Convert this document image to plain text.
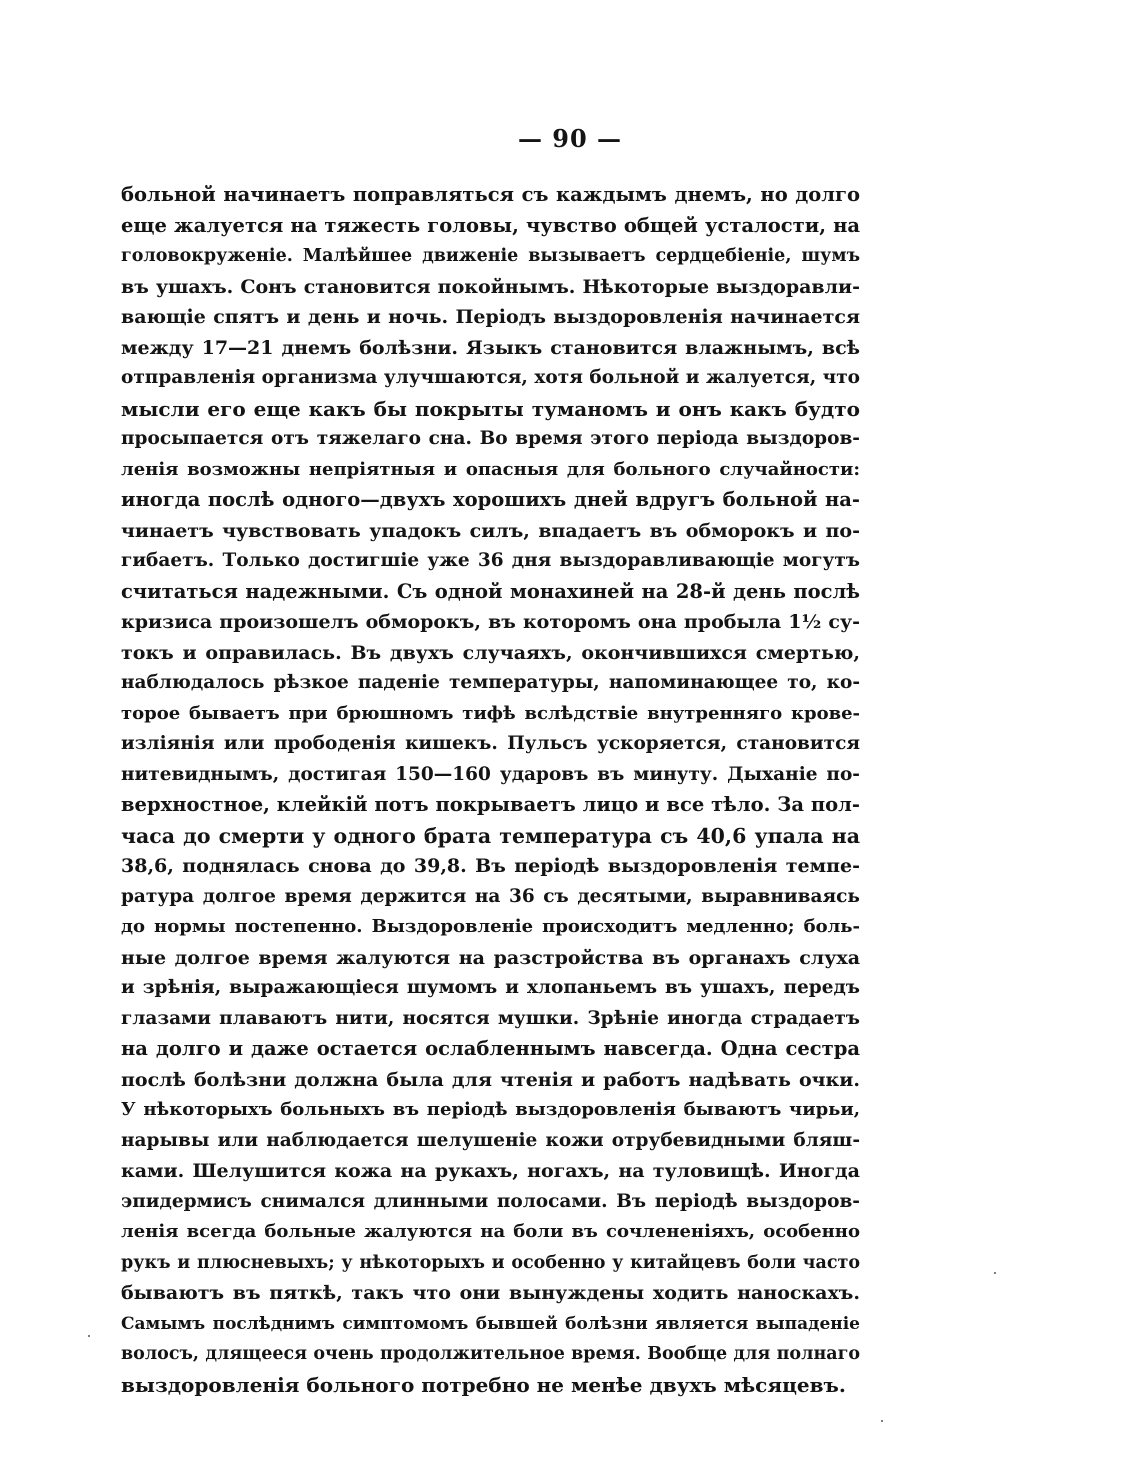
— 90 —
больной начинаетъ поправляться съ каждымъ днемъ, но долго
еще жалуется на тяжесть головы, чувство общей усталости, на
головокруженіе. Малѣйшее движеніе вызываетъ сердцебіеніе, шумъ
въ ушахъ. Сонъ становится покойнымъ. Нѣкоторые выздоравли-
вающіе спятъ и день и ночь. Періодъ выздоровленія начинается
между 17—21 днемъ болѣзни. Языкъ становится влажнымъ, всѣ
отправленія организма улучшаются, хотя больной и жалуется, что
мысли его еще какъ бы покрыты туманомъ и онъ какъ будто
просыпается отъ тяжелаго сна. Во время этого періода выздоров-
ленія возможны непріятныя и опасныя для больного случайности:
иногда послѣ одного—двухъ хорошихъ дней вдругъ больной на-
чинаетъ чувствовать упадокъ силъ, впадаетъ въ обморокъ и по-
гибаетъ. Только достигшіе уже 36 дня выздоравливающіе могутъ
считаться надежными. Съ одной монахиней на 28-й день послѣ
кризиса произошелъ обморокъ, въ которомъ она пробыла 1½ су-
токъ и оправилась. Въ двухъ случаяхъ, окончившихся смертью,
наблюдалось рѣзкое паденіе температуры, напоминающее то, ко-
торое бываетъ при брюшномъ тифѣ вслѣдствіе внутренняго кровe-
изліянія или прободенія кишекъ. Пульсъ ускоряется, становится
нитевиднымъ, достигая 150—160 ударовъ въ минуту. Дыханіе по-
верхностное, клейкій потъ покрываетъ лицо и все тѣло. За пол-
часа до смерти у одного брата температура съ 40,6 упала на
38,6, поднялась снова до 39,8. Въ періодѣ выздоровленія темпе-
ратура долгое время держится на 36 съ десятыми, выравниваясь
до нормы постепенно. Выздоровленіе происходитъ медленно; боль-
ные долгое время жалуются на разстройства въ органахъ слуха
и зрѣнія, выражающіеся шумомъ и хлопаньемъ въ ушахъ, передъ
глазами плаваютъ нити, носятся мушки. Зрѣніе иногда страдаетъ
на долго и даже остается ослабленнымъ навсегда. Одна сестра
послѣ болѣзни должна была для чтенія и работъ надѣвать очки.
У нѣкоторыхъ больныхъ въ періодѣ выздоровленія бываютъ чирьи,
нарывы или наблюдается шелушеніе кожи отрубевидными бляш-
ками. Шелушится кожа на рукахъ, ногахъ, на туловищѣ. Иногда
эпидермисъ снимался длинными полосами. Въ періодѣ выздоров-
ленія всегда больные жалуются на боли въ сочлененіяхъ, особенно
рукъ и плюсневыхъ; у нѣкоторыхъ и особенно у китайцевъ боли часто
бываютъ въ пяткѣ, такъ что они вынуждены ходить наноскахъ.
Самымъ послѣднимъ симптомомъ бывшей болѣзни является выпаденіе
волосъ, длящееся очень продолжительное время. Вообще для полнаго
выздоровленія больного потребно не менѣе двухъ мѣсяцевъ.
